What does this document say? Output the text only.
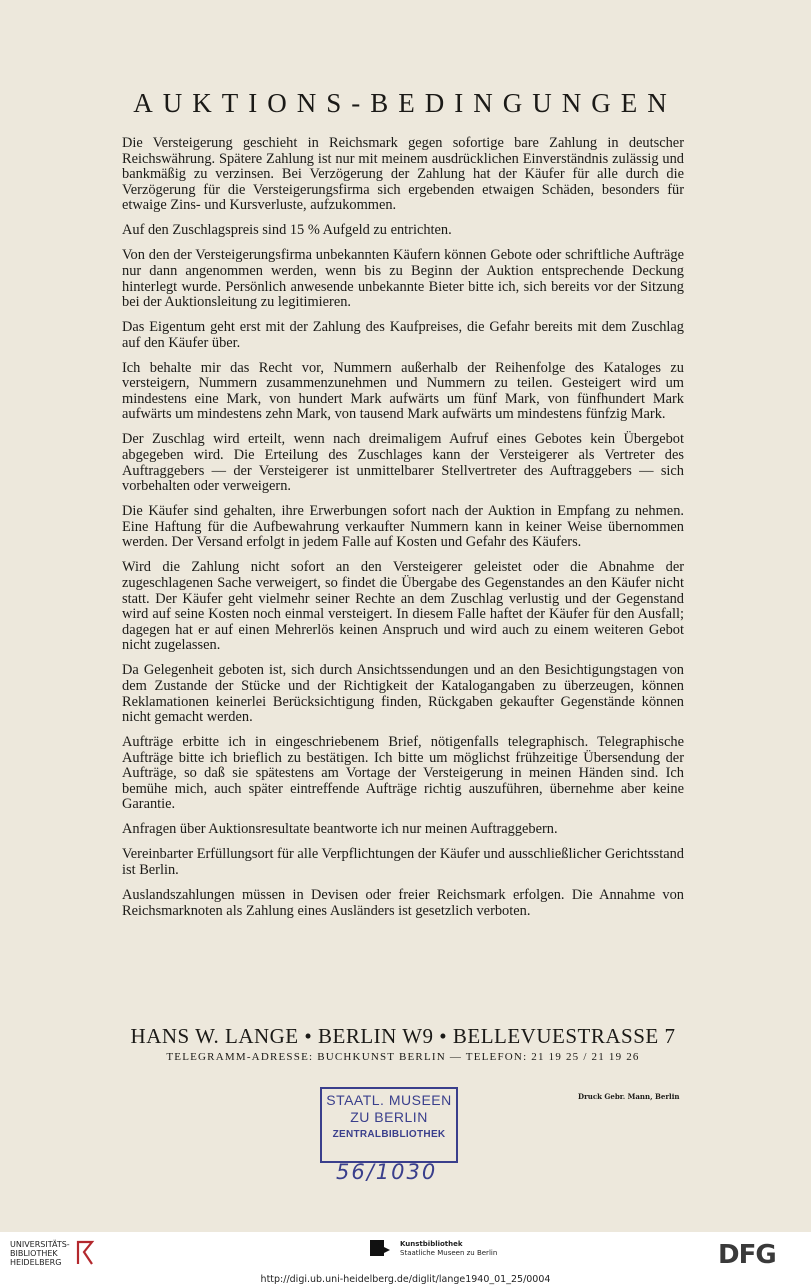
AUKTIONS-BEDINGUNGEN

Die Versteigerung geschieht in Reichsmark gegen sofortige bare Zahlung in deutscher Reichswährung. Spätere Zahlung ist nur mit meinem ausdrücklichen Einverständnis zulässig und bankmäßig zu verzinsen. Bei Verzögerung der Zahlung hat der Käufer für alle durch die Verzögerung für die Versteigerungsfirma sich ergebenden etwaigen Schäden, besonders für etwaige Zins- und Kursverluste, aufzukommen.

Auf den Zuschlagspreis sind 15 % Aufgeld zu entrichten.

Von den der Versteigerungsfirma unbekannten Käufern können Gebote oder schriftliche Aufträge nur dann angenommen werden, wenn bis zu Beginn der Auktion entsprechende Deckung hinterlegt wurde. Persönlich anwesende unbekannte Bieter bitte ich, sich bereits vor der Sitzung bei der Auktionsleitung zu legitimieren.

Das Eigentum geht erst mit der Zahlung des Kaufpreises, die Gefahr bereits mit dem Zuschlag auf den Käufer über.

Ich behalte mir das Recht vor, Nummern außerhalb der Reihenfolge des Kataloges zu versteigern, Nummern zusammenzunehmen und Nummern zu teilen. Gesteigert wird um mindestens eine Mark, von hundert Mark aufwärts um fünf Mark, von fünfhundert Mark aufwärts um mindestens zehn Mark, von tausend Mark aufwärts um mindestens fünfzig Mark.

Der Zuschlag wird erteilt, wenn nach dreimaligem Aufruf eines Gebotes kein Übergebot abgegeben wird. Die Erteilung des Zuschlages kann der Versteigerer als Vertreter des Auftraggebers — der Versteigerer ist unmittelbarer Stellvertreter des Auftraggebers — sich vorbehalten oder verweigern.

Die Käufer sind gehalten, ihre Erwerbungen sofort nach der Auktion in Empfang zu nehmen. Eine Haftung für die Aufbewahrung verkaufter Nummern kann in keiner Weise übernommen werden. Der Versand erfolgt in jedem Falle auf Kosten und Gefahr des Käufers.

Wird die Zahlung nicht sofort an den Versteigerer geleistet oder die Abnahme der zugeschlagenen Sache verweigert, so findet die Übergabe des Gegenstandes an den Käufer nicht statt. Der Käufer geht vielmehr seiner Rechte an dem Zuschlag verlustig und der Gegenstand wird auf seine Kosten noch einmal versteigert. In diesem Falle haftet der Käufer für den Ausfall; dagegen hat er auf einen Mehrerlös keinen Anspruch und wird auch zu einem weiteren Gebot nicht zugelassen.

Da Gelegenheit geboten ist, sich durch Ansichtssendungen und an den Besichtigungstagen von dem Zustande der Stücke und der Richtigkeit der Katalogangaben zu überzeugen, können Reklamationen keinerlei Berücksichtigung finden, Rückgaben gekaufter Gegenstände können nicht gemacht werden.

Aufträge erbitte ich in eingeschriebenem Brief, nötigenfalls telegraphisch. Telegraphische Aufträge bitte ich brieflich zu bestätigen. Ich bitte um möglichst frühzeitige Übersendung der Aufträge, so daß sie spätestens am Vortage der Versteigerung in meinen Händen sind. Ich bemühe mich, auch später eintreffende Aufträge richtig auszuführen, übernehme aber keine Garantie.

Anfragen über Auktionsresultate beantworte ich nur meinen Auftraggebern.

Vereinbarter Erfüllungsort für alle Verpflichtungen der Käufer und ausschließlicher Gerichtsstand ist Berlin.

Auslandszahlungen müssen in Devisen oder freier Reichsmark erfolgen. Die Annahme von Reichsmarknoten als Zahlung eines Ausländers ist gesetzlich verboten.

HANS W. LANGE • BERLIN W9 • BELLEVUESTRASSE 7
TELEGRAMM-ADRESSE: BUCHKUNST BERLIN — TELEFON: 21 19 25 / 21 19 26
STAATL. MUSEEN
ZU BERLIN
ZENTRALBIBLIOTHEK
56/1030
Druck Gebr. Mann, Berlin
UNIVERSITÄTS-
BIBLIOTHEK
HEIDELBERG
Kunstbibliothek
Staatliche Museen zu Berlin	DFG
http://digi.ub.uni-heidelberg.de/diglit/lange1940_01_25/0004
